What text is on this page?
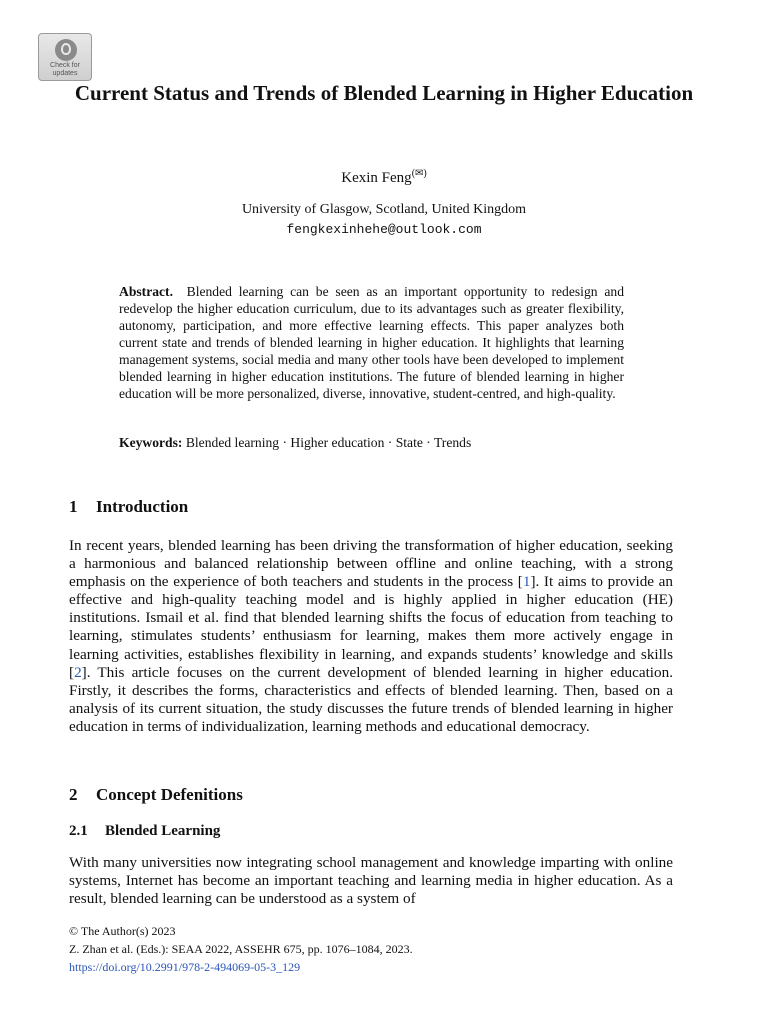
Check for updates
Current Status and Trends of Blended Learning in Higher Education
Kexin Feng(✉)
University of Glasgow, Scotland, United Kingdom
fengkexinhehe@outlook.com

Abstract. Blended learning can be seen as an important opportunity to redesign and redevelop the higher education curriculum, due to its advantages such as greater flexibility, autonomy, participation, and more effective learning effects. This paper analyzes both current state and trends of blended learning in higher education. It highlights that learning management systems, social media and many other tools have been developed to implement blended learning in higher education institutions. The future of blended learning in higher education will be more personalized, diverse, innovative, student-centred, and high-quality.

Keywords: Blended learning · Higher education · State · Trends

1 Introduction

In recent years, blended learning has been driving the transformation of higher education, seeking a harmonious and balanced relationship between offline and online teaching, with a strong emphasis on the experience of both teachers and students in the process [1]. It aims to provide an effective and high-quality teaching model and is highly applied in higher education (HE) institutions. Ismail et al. find that blended learning shifts the focus of education from teaching to learning, stimulates students’ enthusiasm for learning, makes them more actively engage in learning activities, establishes flexibility in learning, and expands students’ knowledge and skills [2]. This article focuses on the current development of blended learning in higher education. Firstly, it describes the forms, characteristics and effects of blended learning. Then, based on a analysis of its current situation, the study discusses the future trends of blended learning in higher education in terms of individualization, learning methods and educational democracy.

2 Concept Defenitions
2.1 Blended Learning

With many universities now integrating school management and knowledge imparting with online systems, Internet has become an important teaching and learning media in higher education. As a result, blended learning can be understood as a system of

© The Author(s) 2023
Z. Zhan et al. (Eds.): SEAA 2022, ASSEHR 675, pp. 1076–1084, 2023.
https://doi.org/10.2991/978-2-494069-05-3_129
